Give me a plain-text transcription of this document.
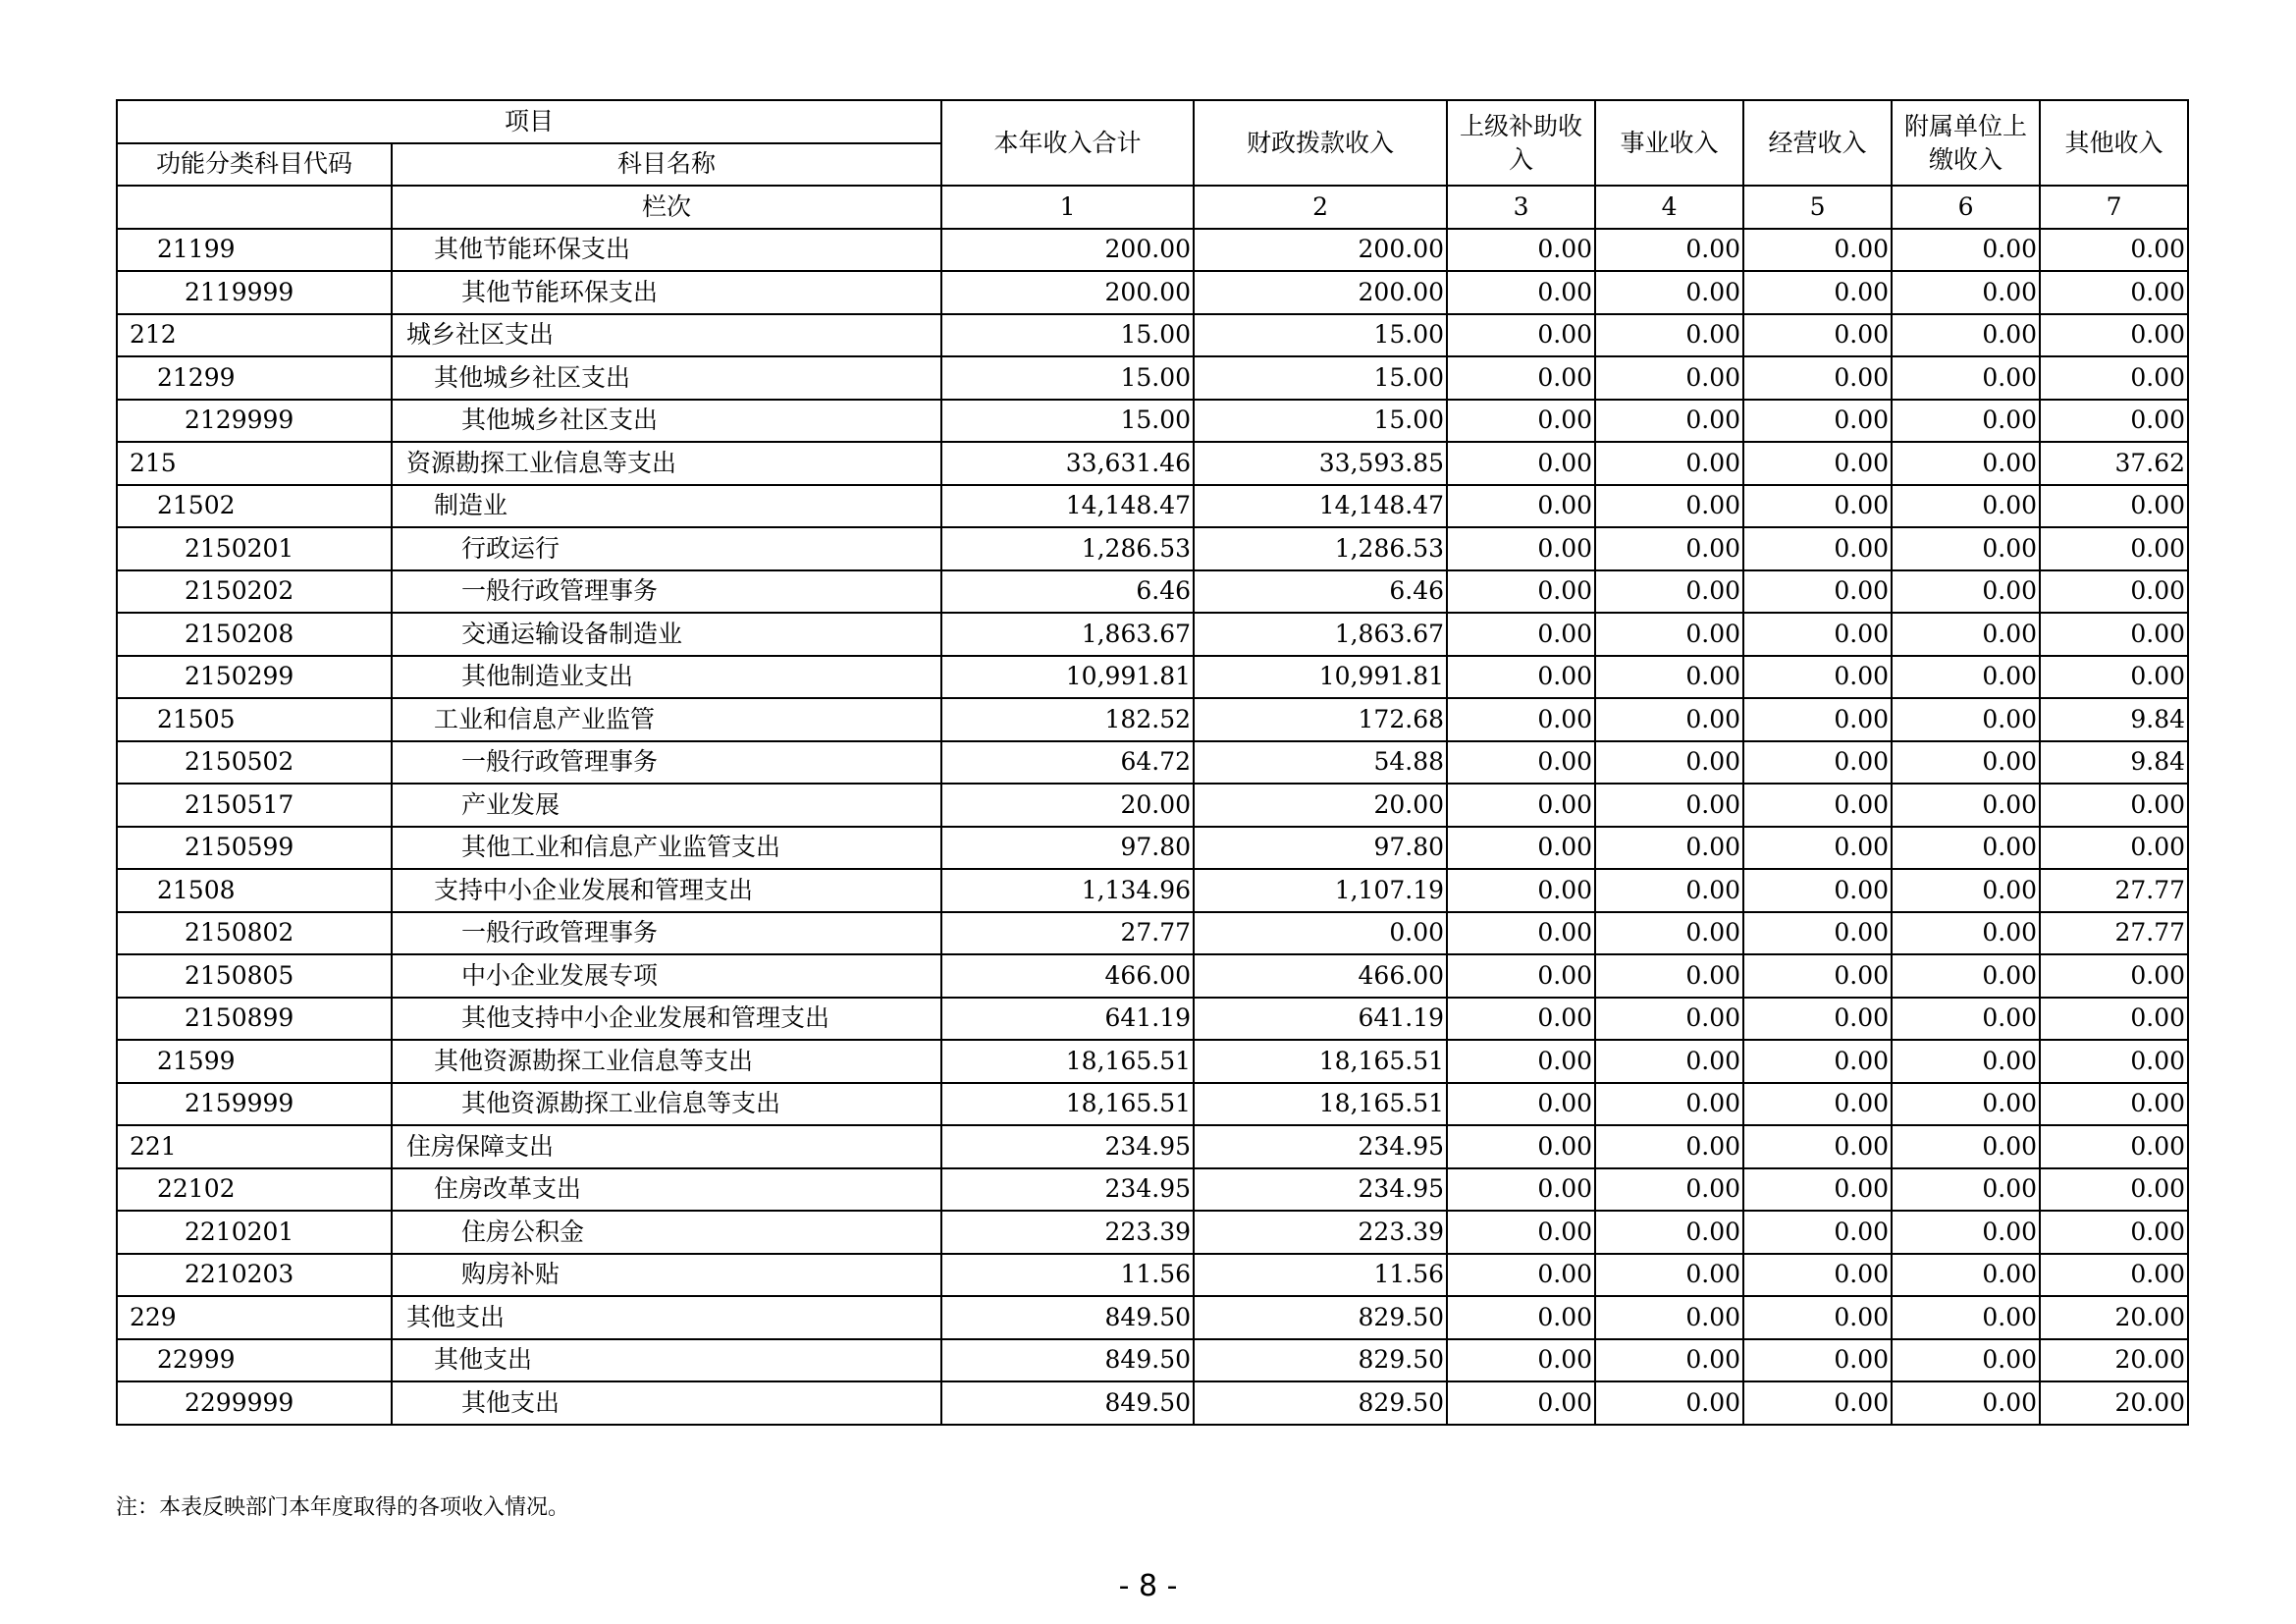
项目		本年收入合计	财政拨款收入	上级补助收入	事业收入	经营收入	附属单位上缴收入	其他收入
功能分类科目代码	科目名称							
	栏次	1	2	3	4	5	6	7
21199	其他节能环保支出	200.00	200.00	0.00	0.00	0.00	0.00	0.00
2119999	其他节能环保支出	200.00	200.00	0.00	0.00	0.00	0.00	0.00
212	城乡社区支出	15.00	15.00	0.00	0.00	0.00	0.00	0.00
21299	其他城乡社区支出	15.00	15.00	0.00	0.00	0.00	0.00	0.00
2129999	其他城乡社区支出	15.00	15.00	0.00	0.00	0.00	0.00	0.00
215	资源勘探工业信息等支出	33,631.46	33,593.85	0.00	0.00	0.00	0.00	37.62
21502	制造业	14,148.47	14,148.47	0.00	0.00	0.00	0.00	0.00
2150201	行政运行	1,286.53	1,286.53	0.00	0.00	0.00	0.00	0.00
2150202	一般行政管理事务	6.46	6.46	0.00	0.00	0.00	0.00	0.00
2150208	交通运输设备制造业	1,863.67	1,863.67	0.00	0.00	0.00	0.00	0.00
2150299	其他制造业支出	10,991.81	10,991.81	0.00	0.00	0.00	0.00	0.00
21505	工业和信息产业监管	182.52	172.68	0.00	0.00	0.00	0.00	9.84
2150502	一般行政管理事务	64.72	54.88	0.00	0.00	0.00	0.00	9.84
2150517	产业发展	20.00	20.00	0.00	0.00	0.00	0.00	0.00
2150599	其他工业和信息产业监管支出	97.80	97.80	0.00	0.00	0.00	0.00	0.00
21508	支持中小企业发展和管理支出	1,134.96	1,107.19	0.00	0.00	0.00	0.00	27.77
2150802	一般行政管理事务	27.77	0.00	0.00	0.00	0.00	0.00	27.77
2150805	中小企业发展专项	466.00	466.00	0.00	0.00	0.00	0.00	0.00
2150899	其他支持中小企业发展和管理支出	641.19	641.19	0.00	0.00	0.00	0.00	0.00
21599	其他资源勘探工业信息等支出	18,165.51	18,165.51	0.00	0.00	0.00	0.00	0.00
2159999	其他资源勘探工业信息等支出	18,165.51	18,165.51	0.00	0.00	0.00	0.00	0.00
221	住房保障支出	234.95	234.95	0.00	0.00	0.00	0.00	0.00
22102	住房改革支出	234.95	234.95	0.00	0.00	0.00	0.00	0.00
2210201	住房公积金	223.39	223.39	0.00	0.00	0.00	0.00	0.00
2210203	购房补贴	11.56	11.56	0.00	0.00	0.00	0.00	0.00
229	其他支出	849.50	829.50	0.00	0.00	0.00	0.00	20.00
22999	其他支出	849.50	829.50	0.00	0.00	0.00	0.00	20.00
2299999	其他支出	849.50	829.50	0.00	0.00	0.00	0.00	20.00
注：本表反映部门本年度取得的各项收入情况。
- 8 -
